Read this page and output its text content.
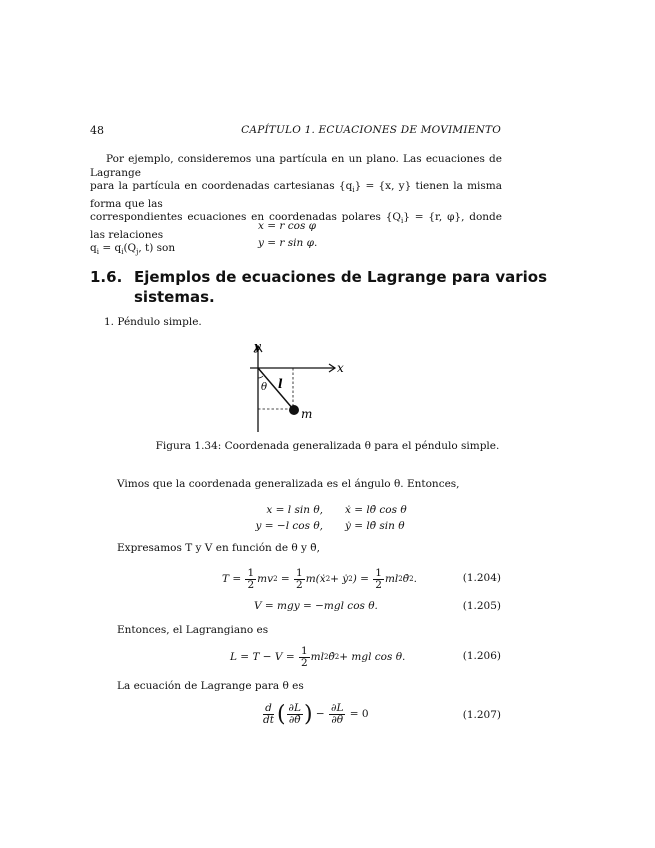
48	CAPÍTULO 1. ECUACIONES DE MOVIMIENTO
Por ejemplo, consideremos una partícula en un plano. Las ecuaciones de Lagrange
para la partícula en coordenadas cartesianas $\{q_i\} = \{x$, y} tienen la misma forma que las
correspondientes ecuaciones en coordenadas polares $\{Q_i\} = \{r$, φ}, donde las relaciones
$q_i = q_i(Q_j$, t) son
x = r cos φ
y = r sin φ.
1.6. Ejemplos de ecuaciones de Lagrange para varios
sistemas.
1. Péndulo simple.
y
x
θ l
m
Figura 1.34: Coordenada generalizada θ para el péndulo simple.
Vimos que la coordenada generalizada es el ángulo θ. Entonces,
x = l sin θ,	ẋ = lθ̇ cos θ
y = −l cos θ,	ẏ = lθ̇ sin θ
Expresamos T y V en función de θ y θ̇,
T =
$\frac{1}{2}$ mv $2 = \frac{1}{2}$ m(ẋ 2 + ẏ 2 ) =
$\frac{1}{2}$ ml 2 θ̇ 2 .	(1.204)
V = mgy = −mgl cos θ.	(1.205)
Entonces, el Lagrangiano es
L = T − V =
$\frac{1}{2}$ ml 2 θ̇ 2 + mgl cos θ.	(1.206)
La ecuación de Lagrange para θ es
$\frac{d}{dt}$ ( $\frac{\partial L}{\partial\thetȧ}$ )
−
$\frac{\partial L}{\partial\theta}$
= 0	(1.207)
